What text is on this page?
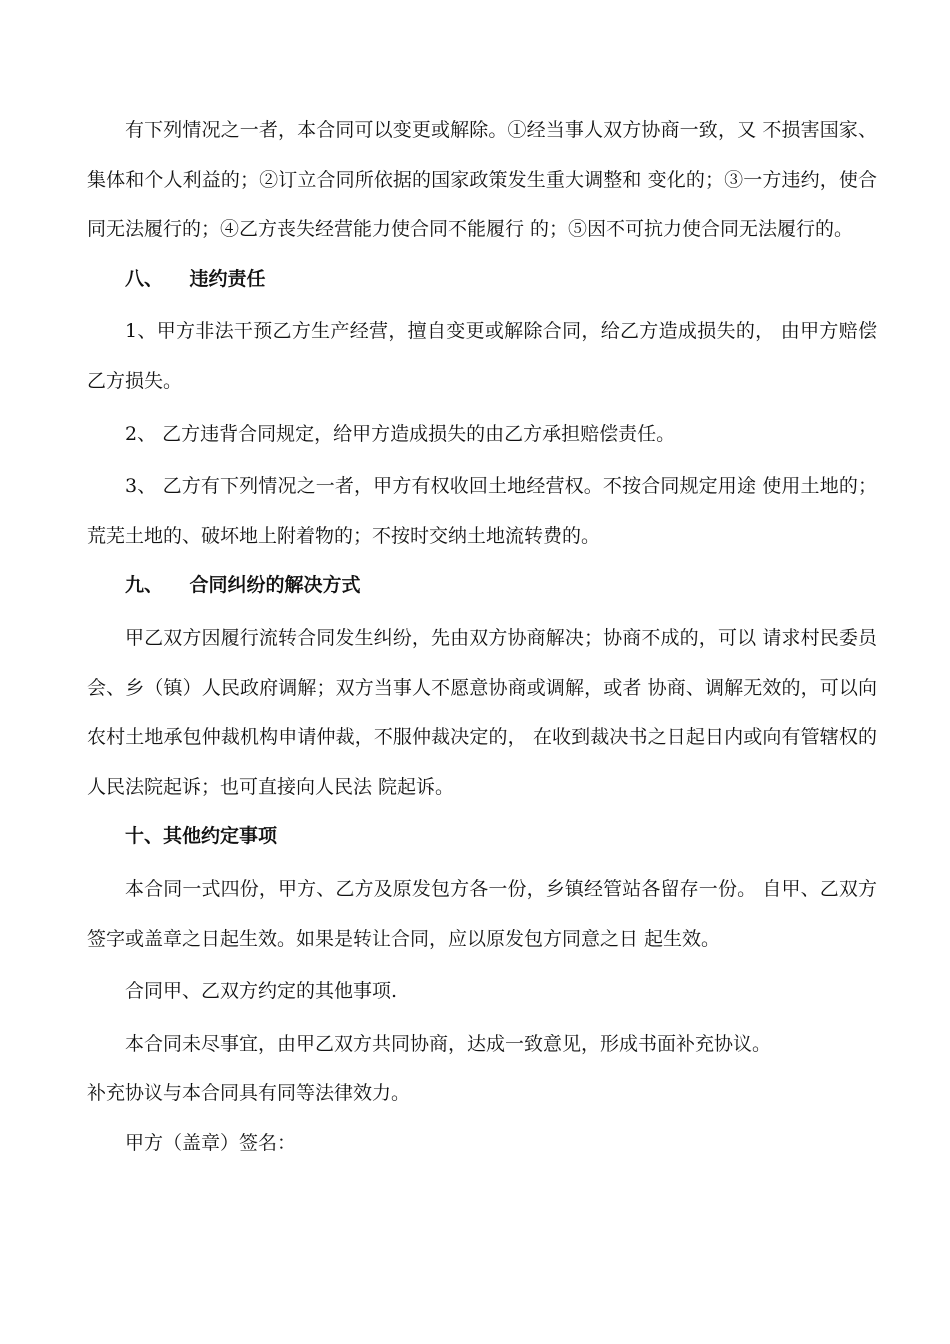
有下列情况之一者，本合同可以变更或解除。①经当事人双方协商一致，又 不损害国家、集体和个人利益的；②订立合同所依据的国家政策发生重大调整和 变化的；③一方违约，使合同无法履行的；④乙方丧失经营能力使合同不能履行 的；⑤因不可抗力使合同无法履行的。

八、    违约责任

1、甲方非法干预乙方生产经营，擅自变更或解除合同，给乙方造成损失的， 由甲方赔偿乙方损失。

2、 乙方违背合同规定，给甲方造成损失的由乙方承担赔偿责任。

3、 乙方有下列情况之一者，甲方有权收回土地经营权。不按合同规定用途 使用土地的；荒芜土地的、破坏地上附着物的；不按时交纳土地流转费的。

九、    合同纠纷的解决方式

甲乙双方因履行流转合同发生纠纷，先由双方协商解决；协商不成的，可以 请求村民委员会、乡（镇）人民政府调解；双方当事人不愿意协商或调解，或者 协商、调解无效的，可以向农村土地承包仲裁机构申请仲裁，不服仲裁决定的， 在收到裁决书之日起日内或向有管辖权的人民法院起诉；也可直接向人民法 院起诉。

十、其他约定事项

本合同一式四份，甲方、乙方及原发包方各一份，乡镇经管站各留存一份。 自甲、乙双方签字或盖章之日起生效。如果是转让合同，应以原发包方同意之日 起生效。

合同甲、乙双方约定的其他事项.

本合同未尽事宜，由甲乙双方共同协商，达成一致意见，形成书面补充协议。

补充协议与本合同具有同等法律效力。

甲方（盖章）签名：
